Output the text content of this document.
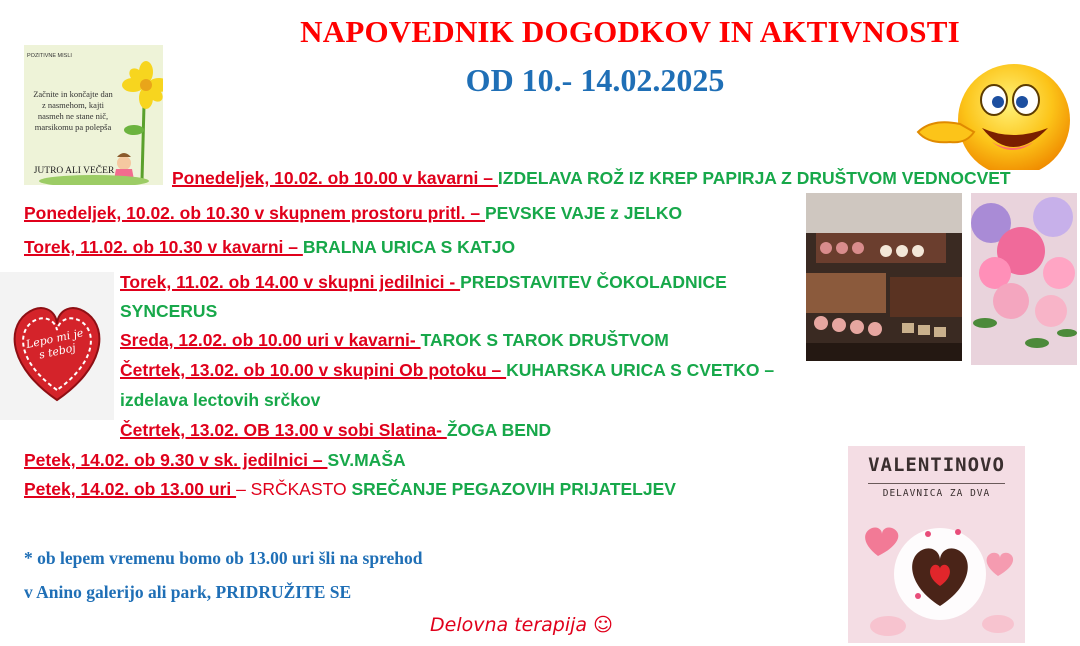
NAPOVEDNIK DOGODKOV IN AKTIVNOSTI
OD 10.- 14.02.2025
POZITIVNE MISLI
Začnite in končajte dan z nasmehom, kajti nasmeh ne stane nič, marsikomu pa polepša
JUTRO ALI VEČER
Lepo mi je s teboj
VALENTINOVO
DELAVNICA ZA DVA
Ponedeljek, 10.02. ob 10.00 v kavarni – IZDELAVA ROŽ IZ KREP PAPIRJA Z DRUŠTVOM VEDNOCVET
Ponedeljek, 10.02. ob 10.30 v skupnem prostoru pritl. – PEVSKE VAJE z JELKO
Torek, 11.02. ob 10.30 v kavarni – BRALNA URICA S KATJO
Torek, 11.02. ob 14.00 v skupni jedilnici - PREDSTAVITEV ČOKOLADNICE
SYNCERUS
Sreda, 12.02. ob 10.00 uri v kavarni- TAROK S TAROK DRUŠTVOM
Četrtek, 13.02. ob 10.00 v skupini Ob potoku – KUHARSKA URICA S CVETKO –
izdelava lectovih srčkov
Četrtek, 13.02. OB 13.00 v sobi Slatina- ŽOGA BEND
Petek, 14.02. ob 9.30 v sk. jedilnici – SV.MAŠA
Petek, 14.02. ob 13.00 uri – SRČKASTO SREČANJE PEGAZOVIH PRIJATELJEV
* ob lepem vremenu bomo ob 13.00 uri šli na sprehod
v Anino galerijo ali park, PRIDRUŽITE SE
Delovna terapija ☺
